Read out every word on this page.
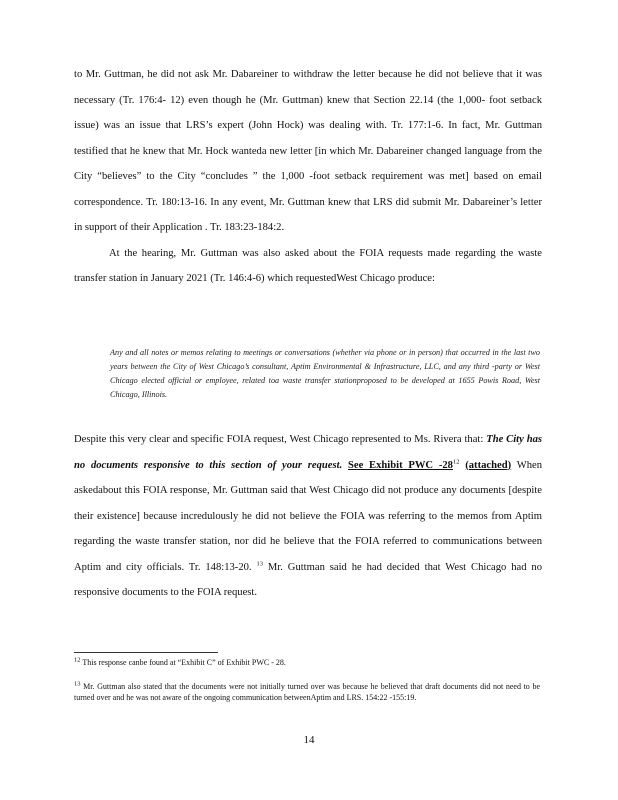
to Mr. Guttman, he did not ask Mr. Dabareiner to withdraw the letter because he did not believe that it was necessary (Tr. 176:4- 12) even though he (Mr. Guttman) knew that Section 22.14 (the 1,000- foot setback issue) was an issue that LRS’s expert (John Hock) was dealing with. Tr. 177:1-6. In fact, Mr. Guttman testified that he knew that Mr. Hock wanteda new letter [in which Mr. Dabareiner changed language from the City “believes” to the City “concludes ” the 1,000 -foot setback requirement was met] based on email correspondence. Tr. 180:13-16. In any event, Mr. Guttman knew that LRS did submit Mr. Dabareiner’s letter in support of their Application . Tr. 183:23-184:2.

At the hearing, Mr. Guttman was also asked about the FOIA requests made regarding the waste transfer station in January 2021 (Tr. 146:4-6) which requestedWest Chicago produce:

Any and all notes or memos relating to meetings or conversations (whether via phone or in person) that occurred in the last two years between the City of West Chicago’s consultant, Aptim Environmental & Infrastructure, LLC, and any third -party or West Chicago elected official or employee, related toa waste transfer stationproposed to be developed at 1655 Powis Road, West Chicago, Illinois.

Despite this very clear and specific FOIA request, West Chicago represented to Ms. Rivera that: The City has no documents responsive to this section of your request. See Exhibit PWC $-28^{12}$ (attached) When askedabout this FOIA response, Mr. Guttman said that West Chicago did not produce any documents [despite their existence] because incredulously he did not believe the FOIA was referring to the memos from Aptim regarding the waste transfer station, nor did he believe that the FOIA referred to communications between Aptim and city officials. Tr. 148:13-20. $^{13}$ Mr. Guttman said he had decided that West Chicago had no responsive documents to the FOIA request.

$^{12}$ This response canbe found at “Exhibit C” of Exhibit PWC - 28.
$^{13}$ Mr. Guttman also stated that the documents were not initially turned over was because he believed that draft documents did not need to be turned over and he was not aware of the ongoing communication betweenAptim and LRS. 154:22 -155:19.
14
